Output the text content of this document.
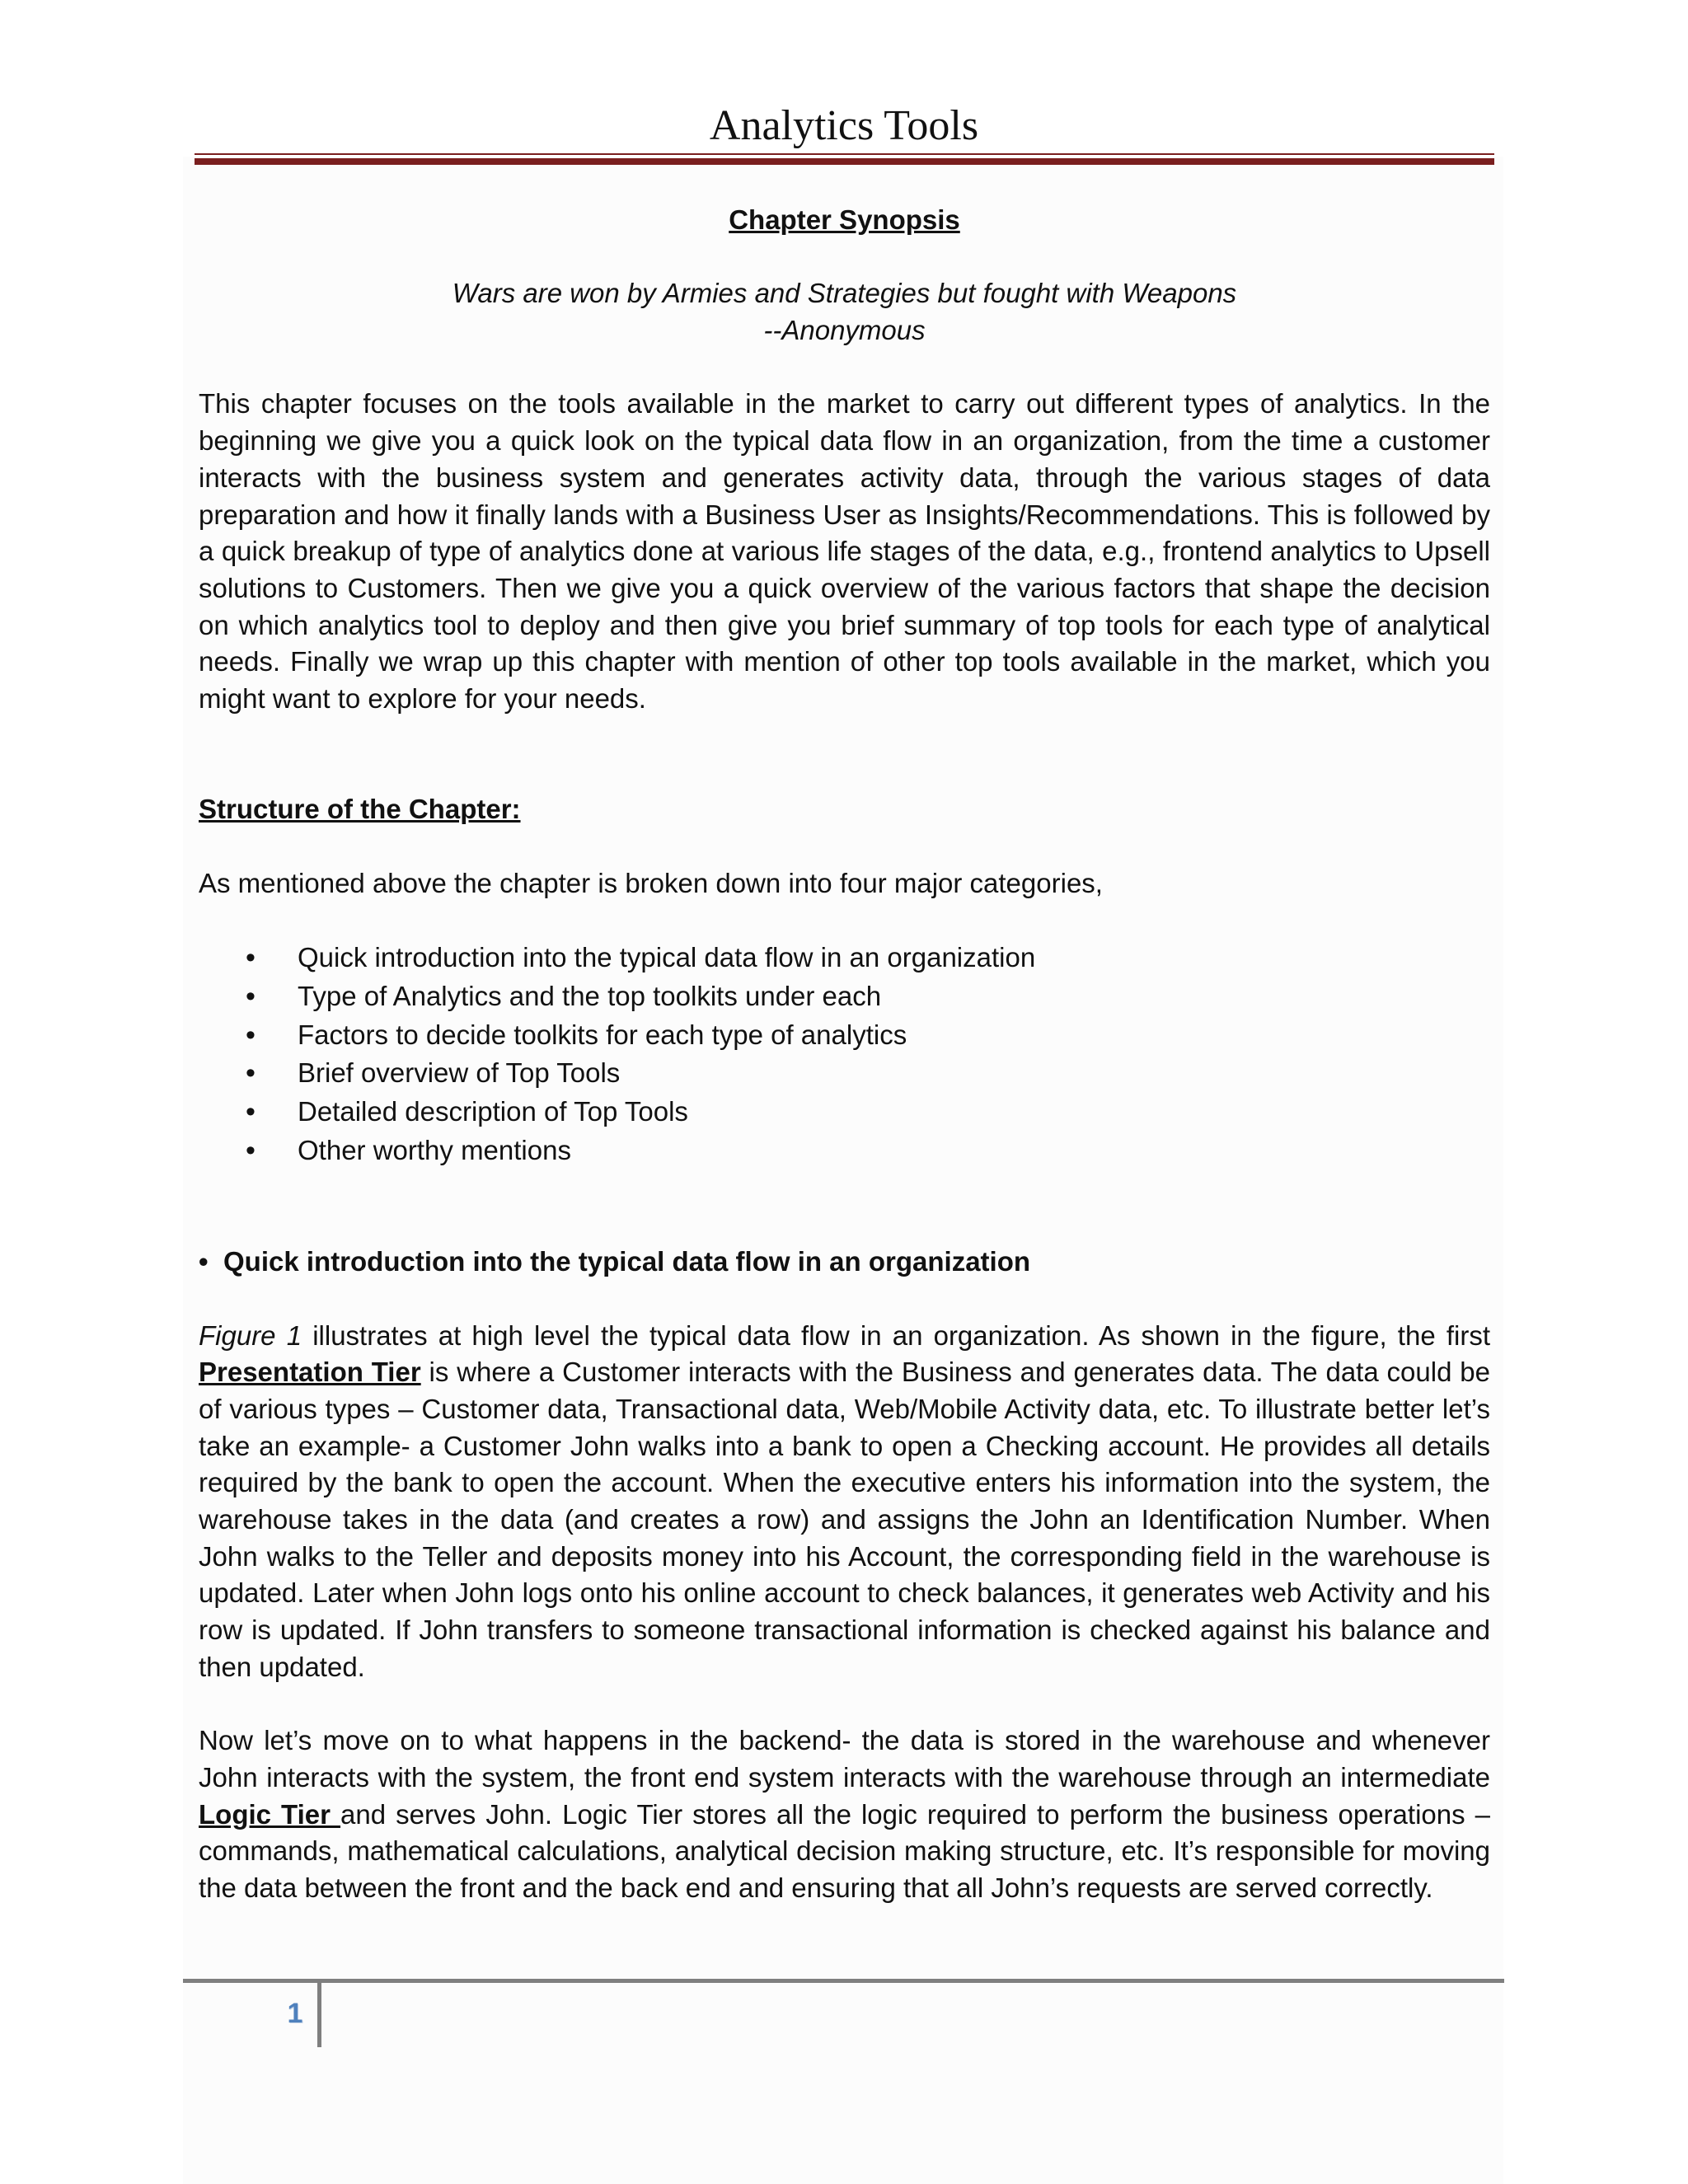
Analytics Tools

Chapter Synopsis

Wars are won by Armies and Strategies but fought with Weapons

--Anonymous

This chapter focuses on the tools available in the market to carry out different types of analytics. In the beginning we give you a quick look on the typical data flow in an organization, from the time a customer interacts with the business system and generates activity data, through the various stages of data preparation and how it finally lands with a Business User as Insights/Recommendations. This is followed by a quick breakup of type of analytics done at various life stages of the data, e.g., frontend analytics to Upsell solutions to Customers. Then we give you a quick overview of the various factors that shape the decision on which analytics tool to deploy and then give you brief summary of top tools for each type of analytical needs. Finally we wrap up this chapter with mention of other top tools available in the market, which you might want to explore for your needs.

Structure of the Chapter:

As mentioned above the chapter is broken down into four major categories,

• Quick introduction into the typical data flow in an organization
• Type of Analytics and the top toolkits under each
• Factors to decide toolkits for each type of analytics
• Brief overview of Top Tools
• Detailed description of Top Tools
• Other worthy mentions

• Quick introduction into the typical data flow in an organization

Figure 1 illustrates at high level the typical data flow in an organization. As shown in the figure, the first Presentation Tier is where a Customer interacts with the Business and generates data. The data could be of various types – Customer data, Transactional data, Web/Mobile Activity data, etc. To illustrate better let’s take an example- a Customer John walks into a bank to open a Checking account. He provides all details required by the bank to open the account. When the executive enters his information into the system, the warehouse takes in the data (and creates a row) and assigns the John an Identification Number. When John walks to the Teller and deposits money into his Account, the corresponding field in the warehouse is updated. Later when John logs onto his online account to check balances, it generates web Activity and his row is updated. If John transfers to someone transactional information is checked against his balance and then updated.

Now let’s move on to what happens in the backend- the data is stored in the warehouse and whenever John interacts with the system, the front end system interacts with the warehouse through an intermediate Logic Tier and serves John. Logic Tier stores all the logic required to perform the business operations – commands, mathematical calculations, analytical decision making structure, etc. It’s responsible for moving the data between the front and the back end and ensuring that all John’s requests are served correctly.

1
